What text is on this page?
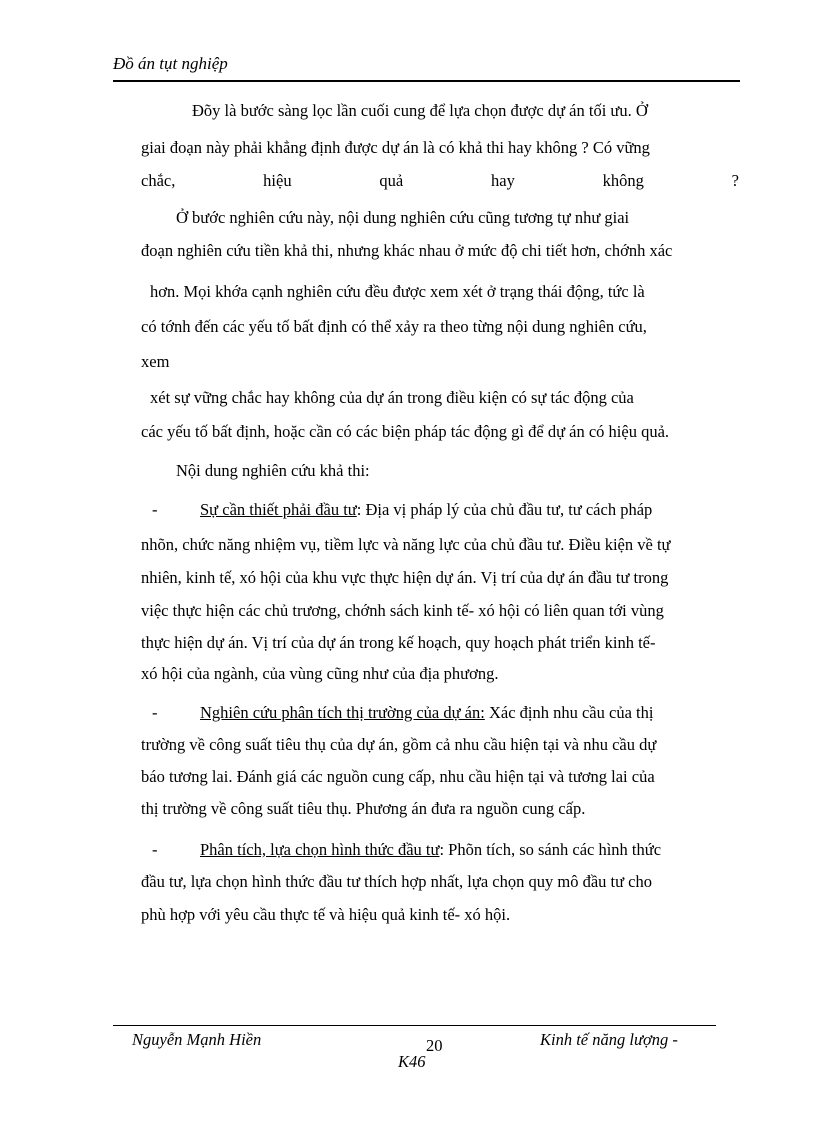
Đồ án tụt nghiệp
Đõy là bước sàng lọc lần cuối cung để lựa chọn được dự án tối ưu. Ở
giai đoạn này phải khẳng định được dự án là có khả thi hay không ? Có vững
chắc,	hiệu	quả	hay	không	?
Ở bước nghiên cứu này, nội dung nghiên cứu cũng tương tự như giai
đoạn nghiên cứu tiền khả thi, nhưng khác nhau ở mức độ chi tiết hơn, chớnh xác
hơn. Mọi khớa cạnh nghiên cứu đều được xem xét ở trạng thái động, tức là
có tớnh đến các yếu tố bất định có thể xảy ra theo từng nội dung nghiên cứu,
xem
xét sự vững chắc hay không của dự án trong điều kiện có sự tác động của
các yếu tố bất định, hoặc cần có các biện pháp tác động gì để dự án có hiệu quả.
Nội dung nghiên cứu khả thi:
-	Sự cần thiết phải đầu tư: Địa vị pháp lý của chủ đầu tư, tư cách pháp
nhõn, chức năng nhiệm vụ, tiềm lực và năng lực của chủ đầu tư. Điều kiện về tự
nhiên, kinh tế, xó hội của khu vực thực hiện dự án. Vị trí của dự án đầu tư trong
việc thực hiện các chủ trương, chớnh sách kinh tế- xó hội có liên quan tới vùng
thực hiện dự án. Vị trí của dự án trong kế hoạch, quy hoạch phát triển kinh tế-
xó hội của ngành, của vùng cũng như của địa phương.
-	Nghiên cứu phân tích thị trường của dự án: Xác định nhu cầu của thị
trường về công suất tiêu thụ của dự án, gồm cả nhu cầu hiện tại và nhu cầu dự
báo tương lai. Đánh giá các nguồn cung cấp, nhu cầu hiện tại và tương lai của
thị trường về công suất tiêu thụ. Phương án đưa ra nguồn cung cấp.
-	Phân tích, lựa chọn hình thức đầu tư: Phõn tích, so sánh các hình thức
đầu tư, lựa chọn hình thức đầu tư thích hợp nhất, lựa chọn quy mô đầu tư cho
phù hợp với yêu cầu thực tế và hiệu quả kinh tế- xó hội.
Nguyễn Mạnh Hiền	20	Kinh tế năng lượng -
K46
